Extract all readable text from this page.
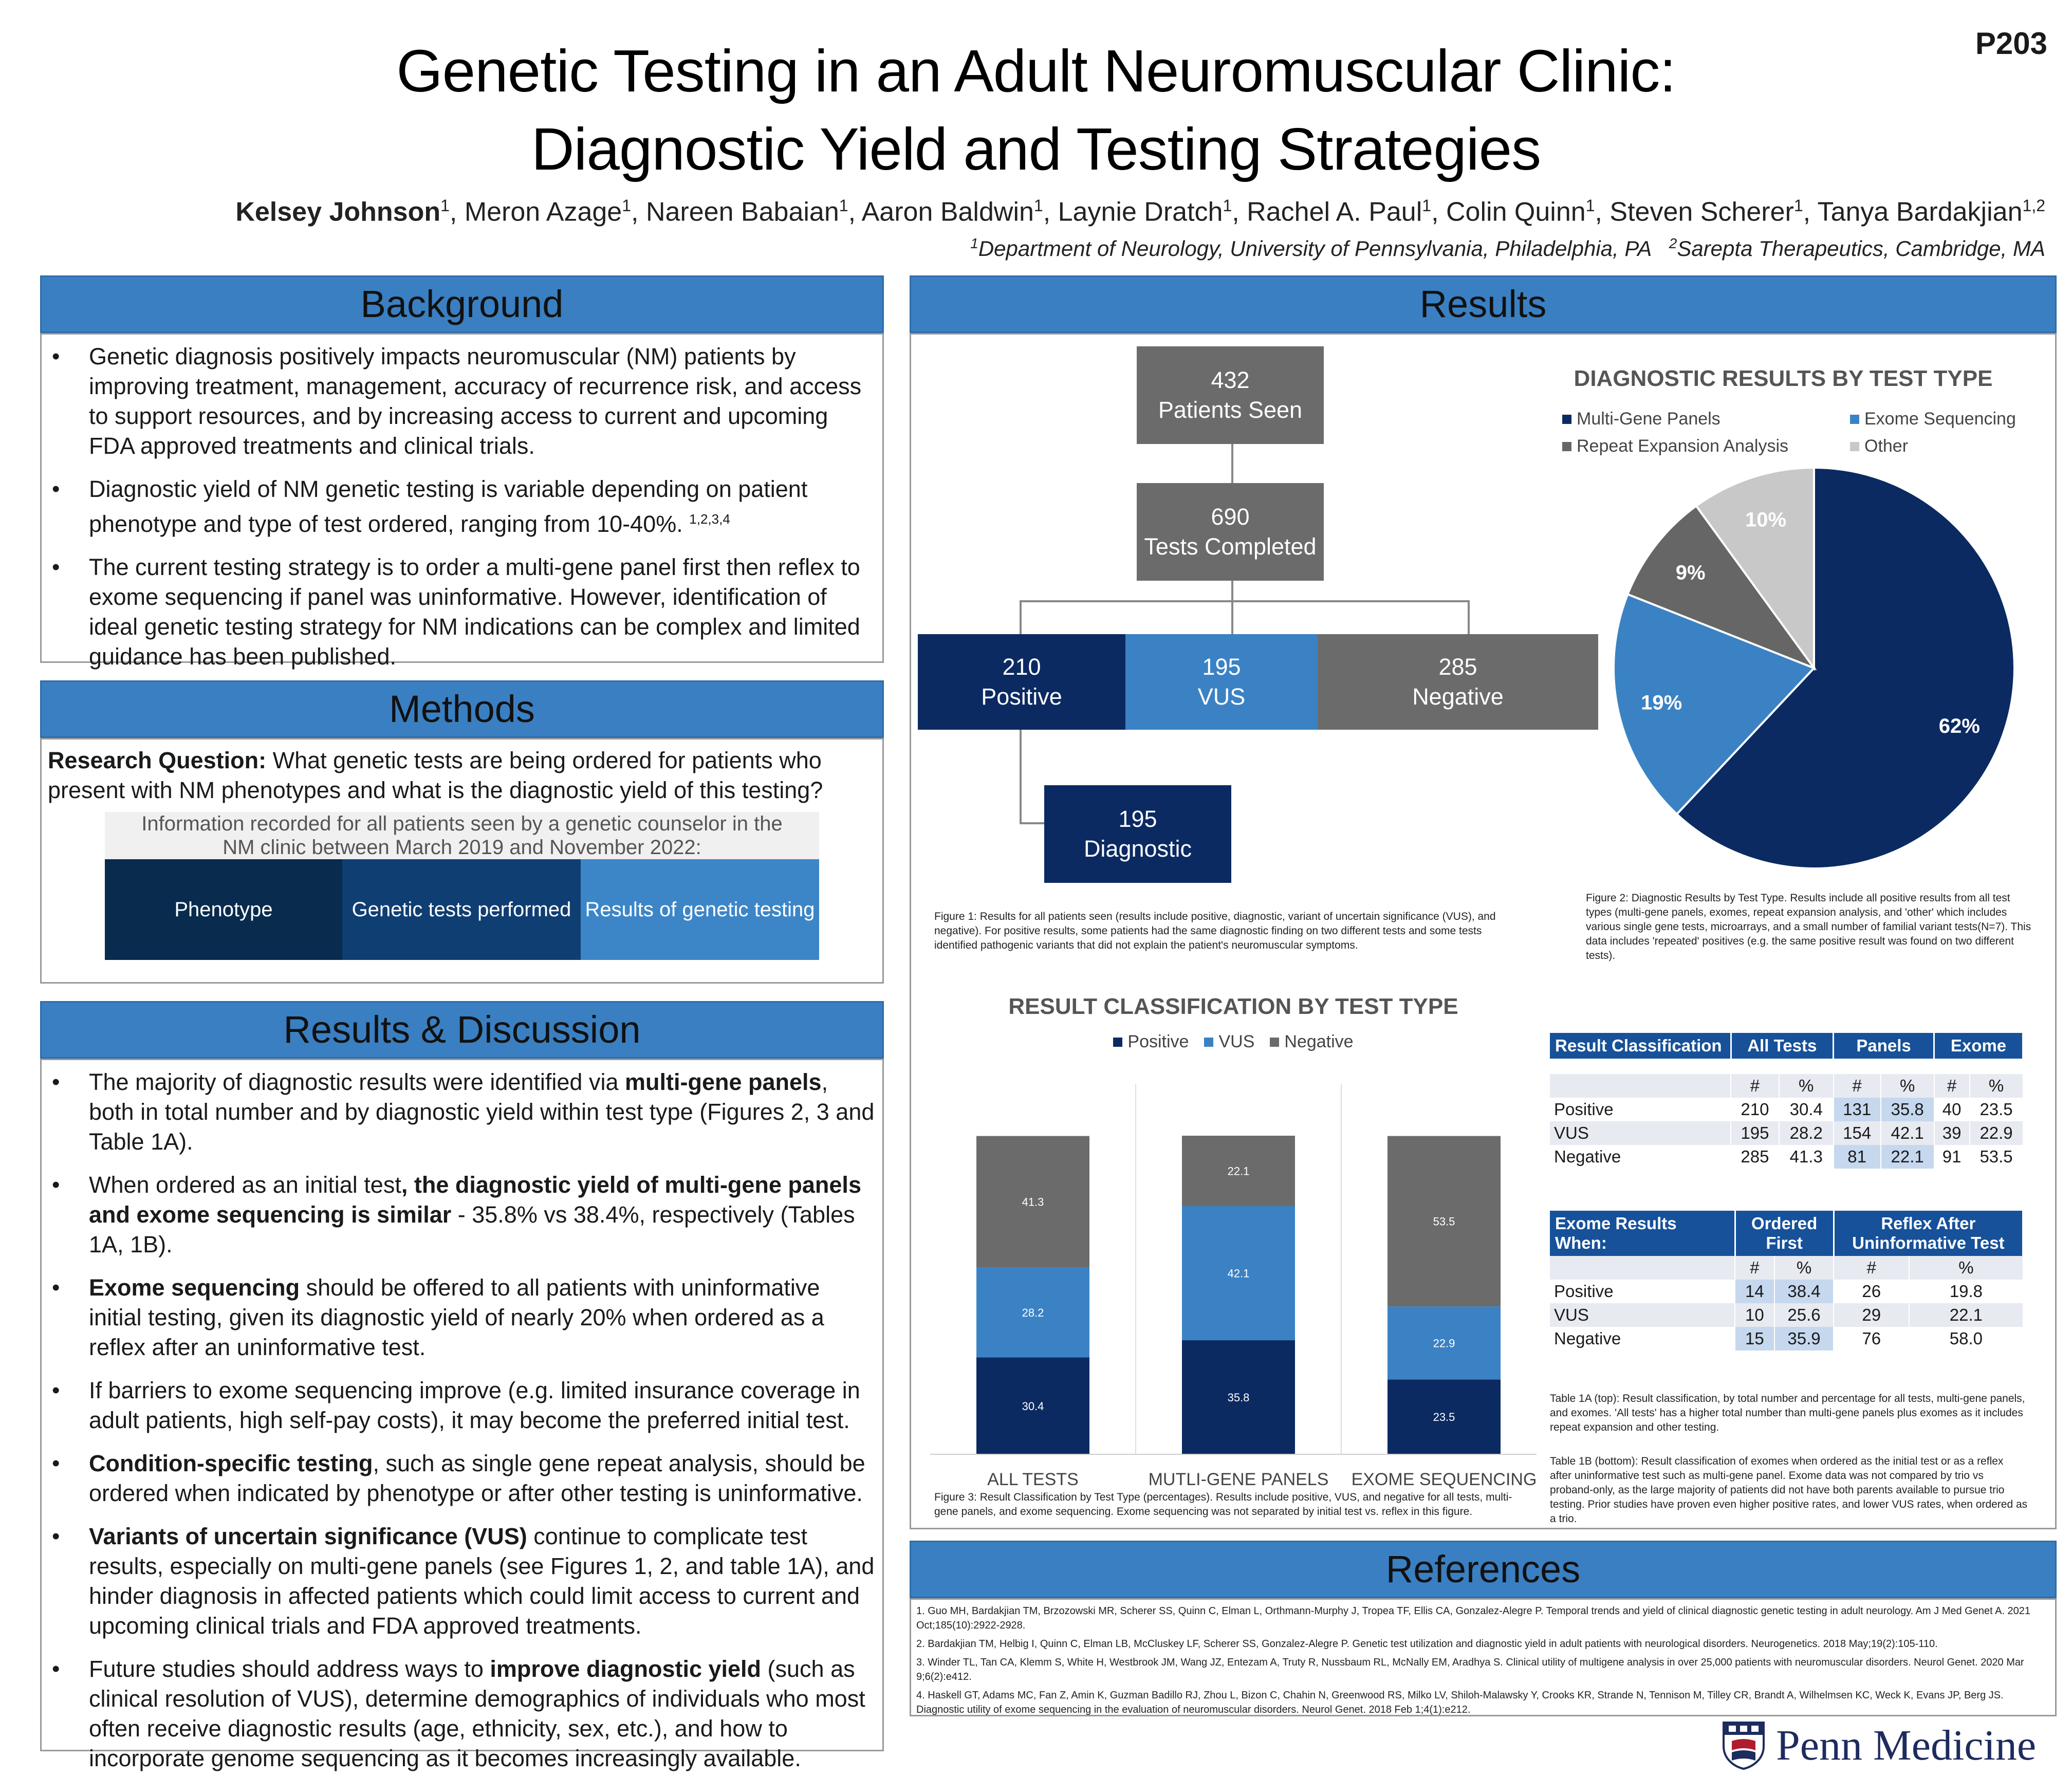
Genetic Testing in an Adult Neuromuscular Clinic:
Diagnostic Yield and Testing Strategies
P203
Kelsey Johnson$^1$, Meron Azage$^1$, Nareen Babaian$^1$, Aaron Baldwin$^1$, Laynie Dratch$^1$, Rachel A. Paul$^1$, Colin Quinn$^1$, Steven Scherer$^1$, Tanya Bardakjian$^{1,2}$
$^1$Department of Neurology, University of Pennsylvania, Philadelphia, PA $^2$Sarepta Therapeutics, Cambridge, MA
Background
• Genetic diagnosis positively impacts neuromuscular (NM) patients by improving treatment, management, accuracy of recurrence risk, and access to support resources, and by increasing access to current and upcoming FDA approved treatments and clinical trials.
• Diagnostic yield of NM genetic testing is variable depending on patient phenotype and type of test ordered, ranging from 10-40%. $^{1,2,3,4}$
• The current testing strategy is to order a multi-gene panel first then reflex to exome sequencing if panel was uninformative. However, identification of ideal genetic testing strategy for NM indications can be complex and limited guidance has been published.
Methods
Research Question: What genetic tests are being ordered for patients who present with NM phenotypes and what is the diagnostic yield of this testing?
Information recorded for all patients seen by a genetic counselor in the
NM clinic between March 2019 and November 2022:
Phenotype	Genetic tests performed Results of genetic testing
Results & Discussion
• The majority of diagnostic results were identified via multi-gene panels, both in total number and by diagnostic yield within test type (Figures 2, 3 and Table 1A).
• When ordered as an initial test, the diagnostic yield of multi-gene panels and exome sequencing is similar - 35.8% vs 38.4%, respectively (Tables 1A, 1B).
• Exome sequencing should be offered to all patients with uninformative initial testing, given its diagnostic yield of nearly 20% when ordered as a reflex after an uninformative test.
• If barriers to exome sequencing improve (e.g. limited insurance coverage in adult patients, high self-pay costs), it may become the preferred initial test.
• Condition-specific testing, such as single gene repeat analysis, should be ordered when indicated by phenotype or after other testing is uninformative.
• Variants of uncertain significance (VUS) continue to complicate test results, especially on multi-gene panels (see Figures 1, 2, and table 1A), and hinder diagnosis in affected patients which could limit access to current and upcoming clinical trials and FDA approved treatments.
• Future studies should address ways to improve diagnostic yield (such as clinical resolution of VUS), determine demographics of individuals who most often receive diagnostic results (age, ethnicity, sex, etc.), and how to incorporate genome sequencing as it becomes increasingly available.
Results
432
Patients Seen
690
Tests Completed
210
Positive
195
VUS
285
Negative
195
Diagnostic
Figure 1: Results for all patients seen (results include positive, diagnostic, variant of uncertain significance (VUS), and negative). For positive results, some patients had the same diagnostic finding on two different tests and some tests identified pathogenic variants that did not explain the patient's neuromuscular symptoms.
DIAGNOSTIC RESULTS BY TEST TYPE
Multi-Gene Panels	Exome Sequencing
Repeat Expansion Analysis	Other
62%
19%
9%
10%
Figure 2: Diagnostic Results by Test Type. Results include all positive results from all test types (multi-gene panels, exomes, repeat expansion analysis, and 'other' which includes various single gene tests, microarrays, and a small number of familial variant tests(N=7). This data includes 'repeated' positives (e.g. the same positive result was found on two different tests).
RESULT CLASSIFICATION BY TEST TYPE
Positive VUS Negative
30.4
28.2
41.3
ALL TESTS
35.8
42.1
22.1
MUTLI-GENE PANELS
23.5
22.9
53.5
EXOME SEQUENCING
Figure 3: Result Classification by Test Type (percentages). Results include positive, VUS, and negative for all tests, multi-gene panels, and exome sequencing. Exome sequencing was not separated by initial test vs. reflex in this figure.
Result Classification	All Tests		Panels		Exome	

	#	%	#	%	#	%
Positive	210	30.4	131	35.8	40	23.5
VUS	195	28.2	154	42.1	39	22.9
Negative	285	41.3	81	22.1	91	53.5
Exome Results When:	Ordered First		Reflex After Uninformative Test	
	#	%	#	%
Positive	14	38.4	26	19.8
VUS	10	25.6	29	22.1
Negative	15	35.9	76	58.0
Table 1A (top): Result classification, by total number and percentage for all tests, multi-gene panels, and exomes. 'All tests' has a higher total number than multi-gene panels plus exomes as it includes repeat expansion and other testing.
Table 1B (bottom): Result classification of exomes when ordered as the initial test or as a reflex after uninformative test such as multi-gene panel. Exome data was not compared by trio vs proband-only, as the large majority of patients did not have both parents available to pursue trio testing. Prior studies have proven even higher positive rates, and lower VUS rates, when ordered as a trio.
References

1. Guo MH, Bardakjian TM, Brzozowski MR, Scherer SS, Quinn C, Elman L, Orthmann-Murphy J, Tropea TF, Ellis CA, Gonzalez-Alegre P. Temporal trends and yield of clinical diagnostic genetic testing in adult neurology. Am J Med Genet A. 2021 Oct;185(10):2922-2928.

2. Bardakjian TM, Helbig I, Quinn C, Elman LB, McCluskey LF, Scherer SS, Gonzalez-Alegre P. Genetic test utilization and diagnostic yield in adult patients with neurological disorders. Neurogenetics. 2018 May;19(2):105-110.

3. Winder TL, Tan CA, Klemm S, White H, Westbrook JM, Wang JZ, Entezam A, Truty R, Nussbaum RL, McNally EM, Aradhya S. Clinical utility of multigene analysis in over 25,000 patients with neuromuscular disorders. Neurol Genet. 2020 Mar 9;6(2):e412.

4. Haskell GT, Adams MC, Fan Z, Amin K, Guzman Badillo RJ, Zhou L, Bizon C, Chahin N, Greenwood RS, Milko LV, Shiloh-Malawsky Y, Crooks KR, Strande N, Tennison M, Tilley CR, Brandt A, Wilhelmsen KC, Weck K, Evans JP, Berg JS. Diagnostic utility of exome sequencing in the evaluation of neuromuscular disorders. Neurol Genet. 2018 Feb 1;4(1):e212.

Penn Medicine
